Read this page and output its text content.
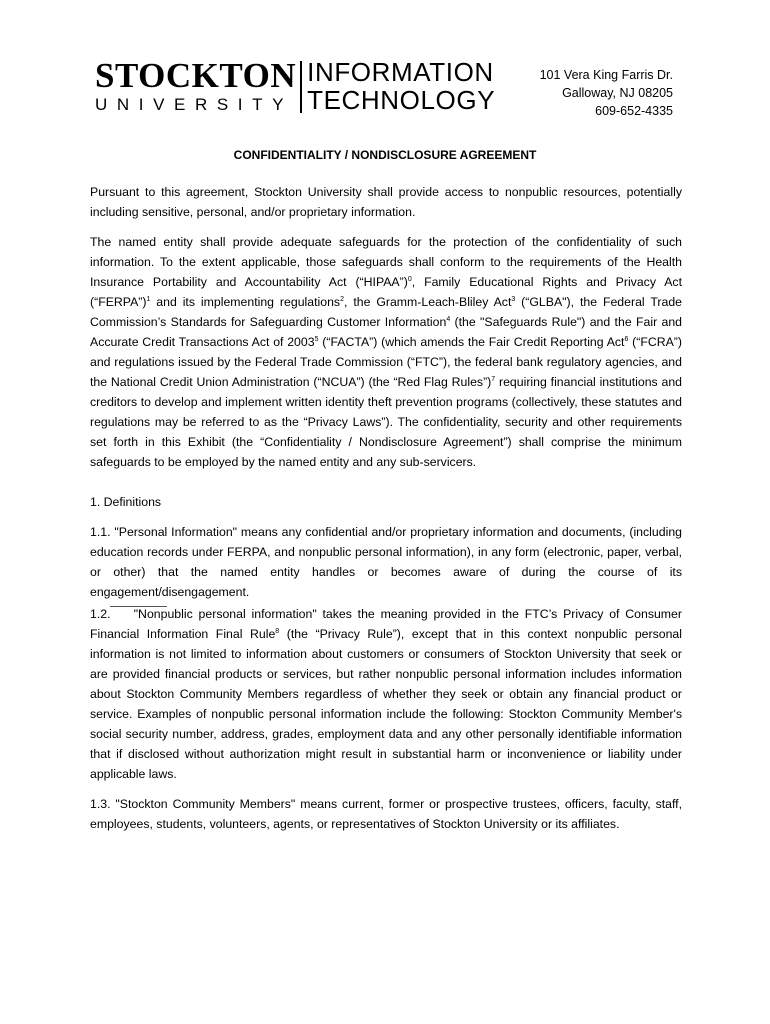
STOCKTON
UNIVERSITY
INFORMATION
TECHNOLOGY
101 Vera King Farris Dr.
Galloway, NJ 08205
609-652-4335
CONFIDENTIALITY / NONDISCLOSURE AGREEMENT

Pursuant to this agreement, Stockton University shall provide access to nonpublic resources, potentially including sensitive, personal, and/or proprietary information.

The named entity shall provide adequate safeguards for the protection of the confidentiality of such information. To the extent applicable, those safeguards shall conform to the requirements of the Health Insurance Portability and Accountability Act (“HIPAA”)$^0$, Family Educational Rights and Privacy Act (“FERPA”)$^1$ and its implementing regulations$^2$, the Gramm-Leach-Bliley Act$^3$ (“GLBA"), the Federal Trade Commission’s Standards for Safeguarding Customer Information$^4$ (the "Safeguards Rule") and the Fair and Accurate Credit Transactions Act of 2003$^5$ (“FACTA”) (which amends the Fair Credit Reporting Act$^6$ (“FCRA”) and regulations issued by the Federal Trade Commission (“FTC”), the federal bank regulatory agencies, and the National Credit Union Administration (“NCUA”) (the “Red Flag Rules”)$^7$ requiring financial institutions and creditors to develop and implement written identity theft prevention programs (collectively, these statutes and regulations may be referred to as the “Privacy Laws”). The confidentiality, security and other requirements set forth in this Exhibit (the “Confidentiality / Nondisclosure Agreement”) shall comprise the minimum safeguards to be employed by the named entity and any sub-servicers.

1. Definitions

1.1. "Personal Information" means any confidential and/or proprietary information and documents, (including education records under FERPA, and nonpublic personal information), in any form (electronic, paper, verbal, or other) that the named entity handles or becomes aware of during the course of its engagement/disengagement.

1.2.    "Nonpublic personal information" takes the meaning provided in the FTC’s Privacy of Consumer Financial Information Final Rule$^8$ (the “Privacy Rule”), except that in this context nonpublic personal information is not limited to information about customers or consumers of Stockton University that seek or are provided financial products or services, but rather nonpublic personal information includes information about Stockton Community Members regardless of whether they seek or obtain any financial product or service. Examples of nonpublic personal information include the following: Stockton Community Member's social security number, address, grades, employment data and any other personally identifiable information that if disclosed without authorization might result in substantial harm or inconvenience or liability under applicable laws.

1.3. "Stockton Community Members" means current, former or prospective trustees, officers, faculty, staff, employees, students, volunteers, agents, or representatives of Stockton University or its affiliates.
